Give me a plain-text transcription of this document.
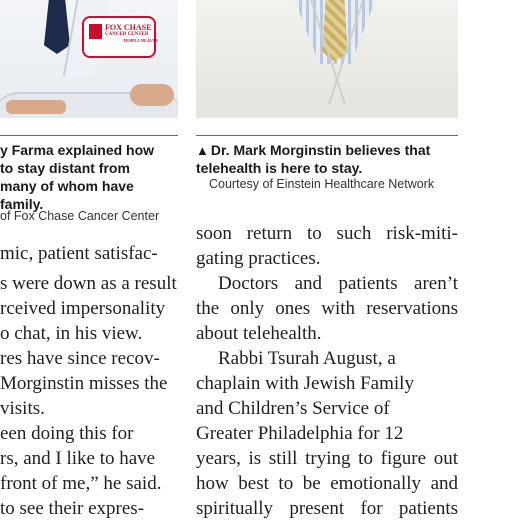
FOX CHASE
CANCER CENTER
TEMPLE HEALTH
y Farma explained how
to stay distant from
many of whom have
family.
of Fox Chase Cancer Center
▲ Dr. Mark Morginstin believes that
telehealth is here to stay.
Courtesy of Einstein Healthcare Network
mic, patient satisfac-
s were down as a result
rceived impersonality
o chat, in his view.
res have since recov-
Morginstin misses the
visits.
een doing this for
rs, and I like to have
front of me,” he said.
to see their expres-
soon return to such risk-miti-
gating practices.
Doctors and patients aren’t
the only ones with reservations
about telehealth.
Rabbi Tsurah August, a
chaplain with Jewish Family
and Children’s Service of
Greater Philadelphia for 12
years, is still trying to figure out
how best to be emotionally and
spiritually present for patients
